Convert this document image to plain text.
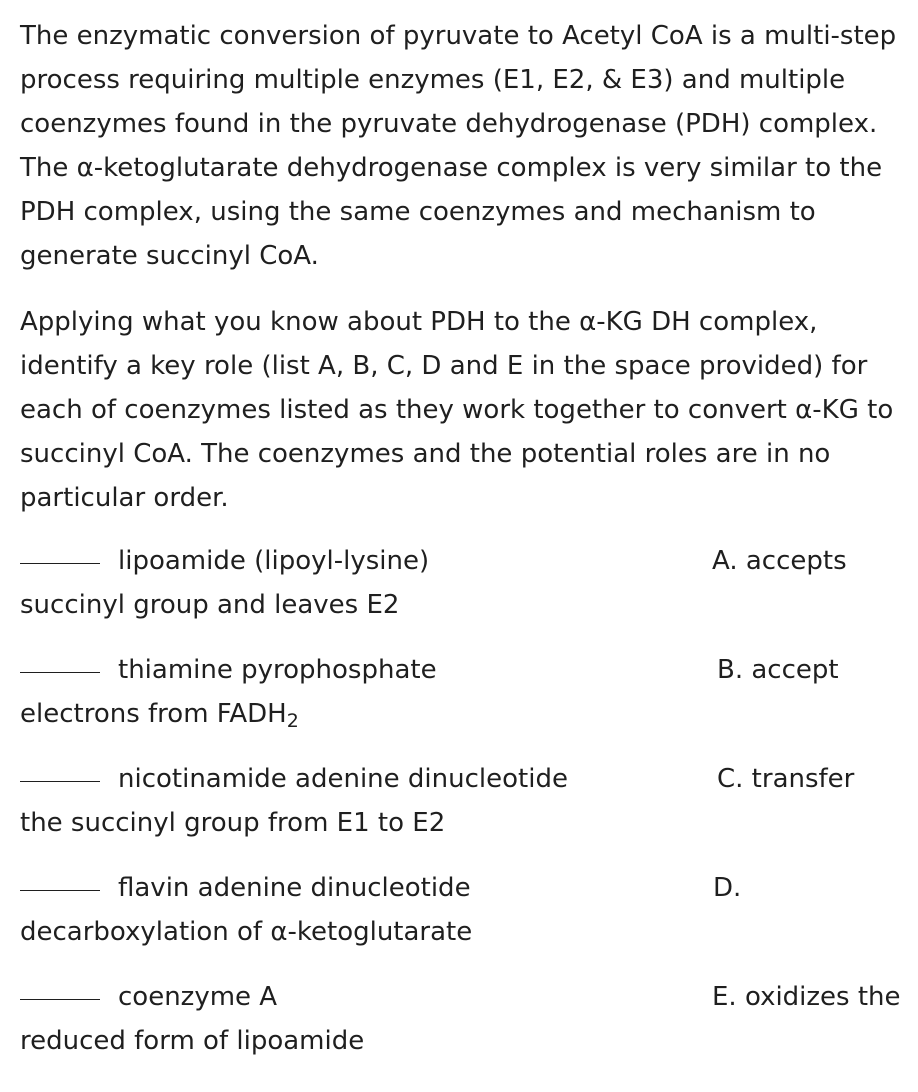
The enzymatic conversion of pyruvate to Acetyl CoA is a multi-step process requiring multiple enzymes (E1, E2, & E3) and multiple coenzymes found in the pyruvate dehydrogenase (PDH) complex. The α-ketoglutarate dehydrogenase complex is very similar to the PDH complex, using the same coenzymes and mechanism to generate succinyl CoA.

Applying what you know about PDH to the α-KG DH complex, identify a key role (list A, B, C, D and E in the space provided) for each of coenzymes listed as they work together to convert α-KG to succinyl CoA. The coenzymes and the potential roles are in no particular order.

lipoamide (lipoyl-lysine)	A. accepts
succinyl group and leaves E2
thiamine pyrophosphate	B. accept
electrons from $FADH_2$
nicotinamide adenine dinucleotide	C. transfer
the succinyl group from E1 to E2
flavin adenine dinucleotide	D.
decarboxylation of α-ketoglutarate
coenzyme A	E. oxidizes the
reduced form of lipoamide
